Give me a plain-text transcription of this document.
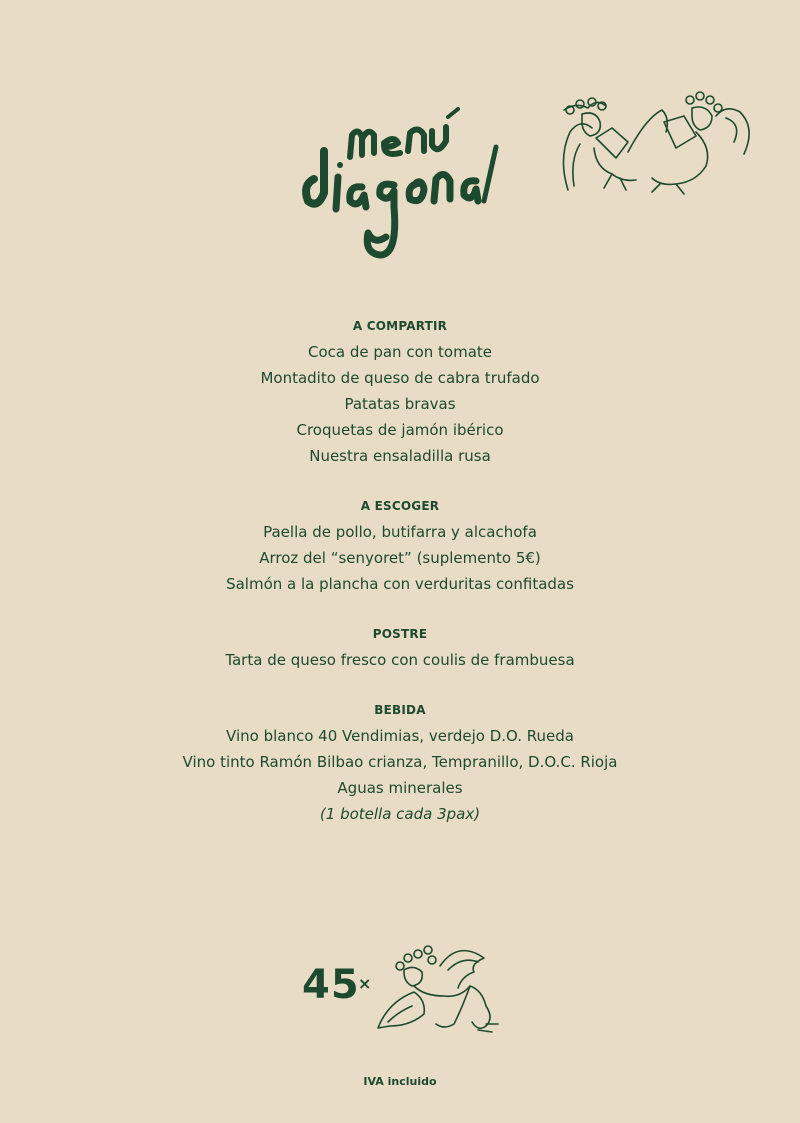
A COMPARTIR
Coca de pan con tomate
Montadito de queso de cabra trufado
Patatas bravas
Croquetas de jamón ibérico
Nuestra ensaladilla rusa
A ESCOGER
Paella de pollo, butifarra y alcachofa
Arroz del “senyoret” (suplemento 5€)
Salmón a la plancha con verduritas confitadas
POSTRE
Tarta de queso fresco con coulis de frambuesa
BEBIDA
Vino blanco 40 Vendimias, verdejo D.O. Rueda
Vino tinto Ramón Bilbao crianza, Tempranillo, D.O.C. Rioja
Aguas minerales
(1 botella cada 3pax)
45
×
IVA incluido
